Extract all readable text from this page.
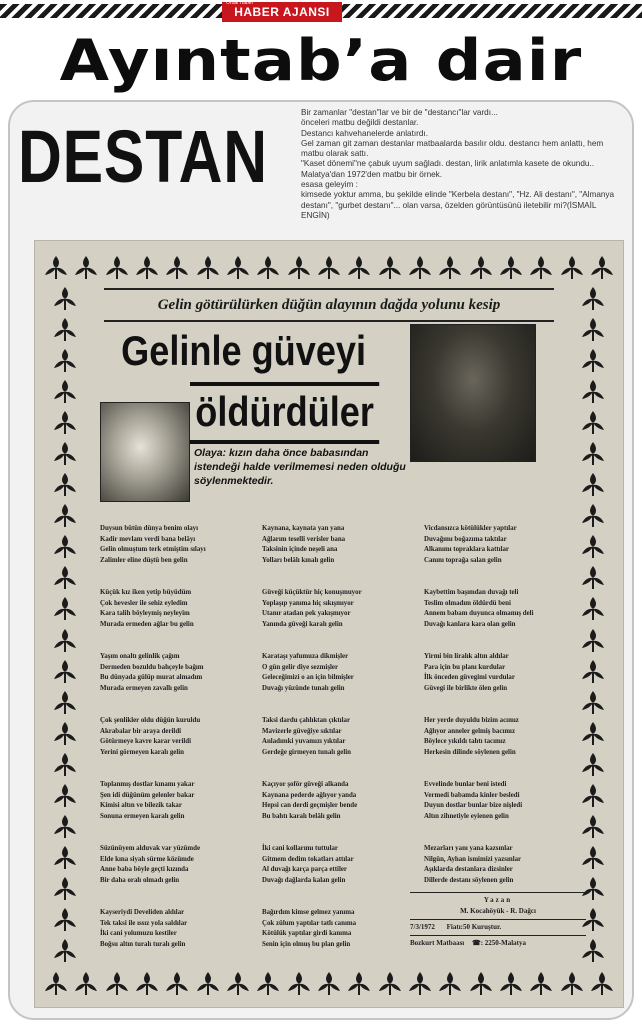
HABER AJANSI
Ortak Haber
Ayıntab’a dair
DESTAN
Bir zamanlar "destan"lar ve bir de "destancı"lar vardı...
önceleri matbu değildi destanlar.
Destancı kahvehanelerde anlatırdı.
Gel zaman git zaman destanlar matbaalarda basılır oldu. destancı hem anlattı, hem matbu olarak sattı.
"Kaset dönemi"ne çabuk uyum sağladı. destan, lirik anlatımla kasete de okundu..
Malatya'dan 1972'den matbu bir örnek.
esasa geleyim :
kimsede yoktur amma, bu şekilde elinde "Kerbela destanı", "Hz. Ali destanı", "Almanya destanı", "gurbet destanı"... olan varsa, özelden görüntüsünü iletebilir mi?(İSMAİL ENGİN)
Gelin götürülürken düğün alayının dağda yolunu kesip
Gelinle güveyi
öldürdüler
Olaya: kızın daha önce babasından istendeği halde verilmemesi neden olduğu söylenmektedir.
Duysun bütün dünya benim olayı
Kadir mevlam verdi bana belâyı
Gelin olmuştum terk etmiştim sılayı
Zalimler eline düştü ben gelin
Küçük kız iken yetip büyüdüm
Çok hevesler ile sehiz eyledim
Kara talih böyleymiş neyleyim
Murada ermeden ağlar bu gelin
Yaşım onaltı gelinlik çağım
Dermeden bozuldu bahçeyle bağım
Bu dünyada gülüp murat almadım
Murada ermeyen zavallı gelin
Çok şenlikler oldu düğün kuruldu
Akrabalar bir araya derildi
Götürmeye kavre karar verildi
Yerini görmeyen karalı gelin
Toplanmış dostlar kınamı yakar
Şen idi düğünüm gelenler bakar
Kimisi altın ve bilezik takar
Sonuna ermeyen karalı gelin
Süzünüyem alduvak var yüzümde
Elde kına siyah sürme közümde
Anne baba böyle geçti kızında
Bir daha oralı olmadı gelin
Kayseriydi Develiden aldılar
Tek taksi ile ıssız yola saldılar
İki cani yolumuzu kestiler
Boğsu altın turalı turalı gelin
Kaynana, kaynata yan yana
Ağlarım teselli verisler bana
Taksinin içinde neşeli ana
Yolları belâlı kınalı gelin
Güveği küçüktür hiç konuşmuyor
Yoplaşıp yanıma hiç sıkışmıyor
Utanır atadan pek yakışmıyor
Yanında güveği karalı gelin
Karataşı yafumuza dikmişler
O gün gelir diye sezmişler
Geleceğimizi o an için bilmişler
Duvağı yüzünde tunalı gelin
Taksi dardu çahlıktan çıktılar
Mavizerle güveğiye sıktılar
Anladımki yuvamızı yıktılar
Gerdeğe girmeyen tunalı gelin
Kaçıyor şoför güveği alkanda
Kaynana pederde ağlıyor yanda
Hepsi can derdi geçmişler bende
Bu bahtı karalı belâlı gelin
İki cani kollarımı tuttular
Gitmem dedim tokatları attılar
Al duvağı karça parça ettiler
Duvağı dağlarda kalan gelin
Bağırdım kimse gelmez yanıma
Çok zülum yaptılar tatlı canıma
Kötülük yaptılar girdi kanıma
Senin için olmuş bu plan gelin
Vicdansızca kötülükler yaptılar
Duvağımı boğazıma taktılar
Alkanımı topraklara kattılar
Canını toprağa salan gelin
Kaybettim başımdan duvağı teli
Teslim olmadım öldürdü beni
Annem babam duyunca olmamış deli
Duvağı kanlara kara olan gelin
Yirmi bin liralık altın aldılar
Para için bu planı kurdular
İlk önceden güvegimi vurdular
Güvegi ile birlikte ölen gelin
Her yerde duyuldu bizim acımız
Ağlıyor anneler gelmiş bacımız
Böylece yıkıldı tahtı tacımız
Herkesin dilinde söylenen gelin
Evvelinde bunlar beni istedi
Vermedi babamda kinler besledi
Duyun dostlar bunlar bize nişledi
Altın zihnetiyle eyienen gelin
Mezarları yanı yana kazsınlar
Nilgün, Ayhan ismimizi yazsınlar
Aşıklarda destanlara dizsinler
Dillerde destanı söylenen gelin
Yazan
M. Kocahöyük - R. Dağcı
7/3/1972 Fiatı:50 Kuruştur.
Bozkurt Matbaası ☎: 2250-Malatya
